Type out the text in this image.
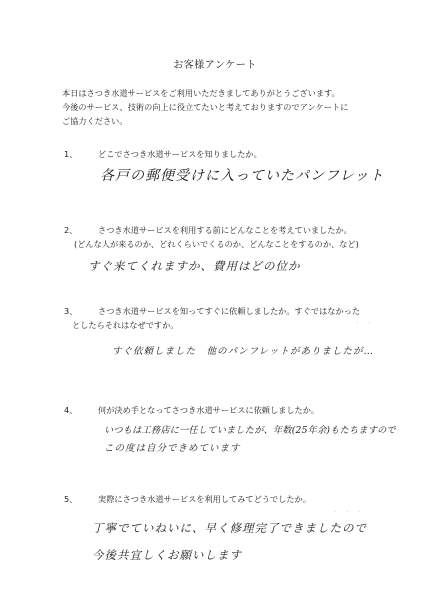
お客様アンケート
本日はさつき水道サービスをご利用いただきましてありがとうございます。
今後のサービス、技術の向上に役立てたいと考えておりますのでアンケートに
ご協力ください。
1、	どこでさつき水道サービスを知りましたか。
各戸の郵便受けに入っていたパンフレット
2、	さつき水道サービスを利用する前にどんなことを考えていましたか。
(どんな人が来るのか、どれくらいでくるのか、どんなことをするのか、など)
すぐ来てくれますか、費用はどの位か
3、	さつき水道サービスを知ってすぐに依頼しましたか。すぐではなかった
としたらそれはなぜですか。
すぐ依頼しました　他のパンフレットがありましたが…
・ ・
4、	何が決め手となってさつき水道サービスに依頼しましたか。
いつもは工務店に一任していましたが、年数(25年余)もたちますので
この度は自分できめています
5、	実際にさつき水道サービスを利用してみてどうでしたか。
丁寧でていねいに、早く修理完了できましたので
今後共宜しくお願いします
・ ・ ・
